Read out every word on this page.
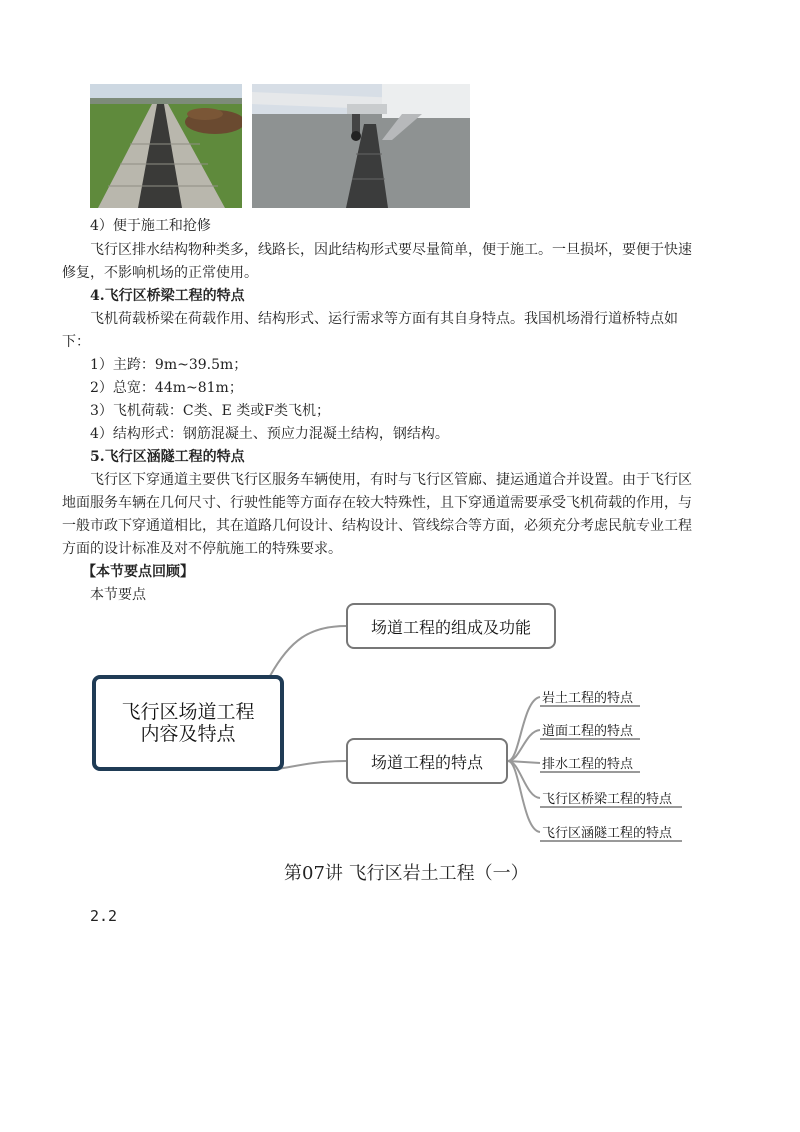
4）便于施工和抢修
飞行区排水结构物种类多，线路长，因此结构形式要尽量简单，便于施工。一旦损坏，要便于快速
修复，不影响机场的正常使用。
4.飞行区桥梁工程的特点
飞机荷载桥梁在荷载作用、结构形式、运行需求等方面有其自身特点。我国机场滑行道桥特点如
下：
1）主跨：9m~39.5m；
2）总宽：44m~81m；
3）飞机荷载：C类、E 类或F类飞机；
4）结构形式：钢筋混凝土、预应力混凝土结构，钢结构。
5.飞行区涵隧工程的特点
飞行区下穿通道主要供飞行区服务车辆使用，有时与飞行区管廊、捷运通道合并设置。由于飞行区
地面服务车辆在几何尺寸、行驶性能等方面存在较大特殊性，且下穿通道需要承受飞机荷载的作用，与
一般市政下穿通道相比，其在道路几何设计、结构设计、管线综合等方面，必须充分考虑民航专业工程
方面的设计标准及对不停航施工的特殊要求。
【本节要点回顾】
本节要点
飞行区场道工程
内容及特点
场道工程的组成及功能
场道工程的特点
岩土工程的特点
道面工程的特点
排水工程的特点
飞行区桥梁工程的特点
飞行区涵隧工程的特点
第07讲 飞行区岩土工程（一）
2.2
